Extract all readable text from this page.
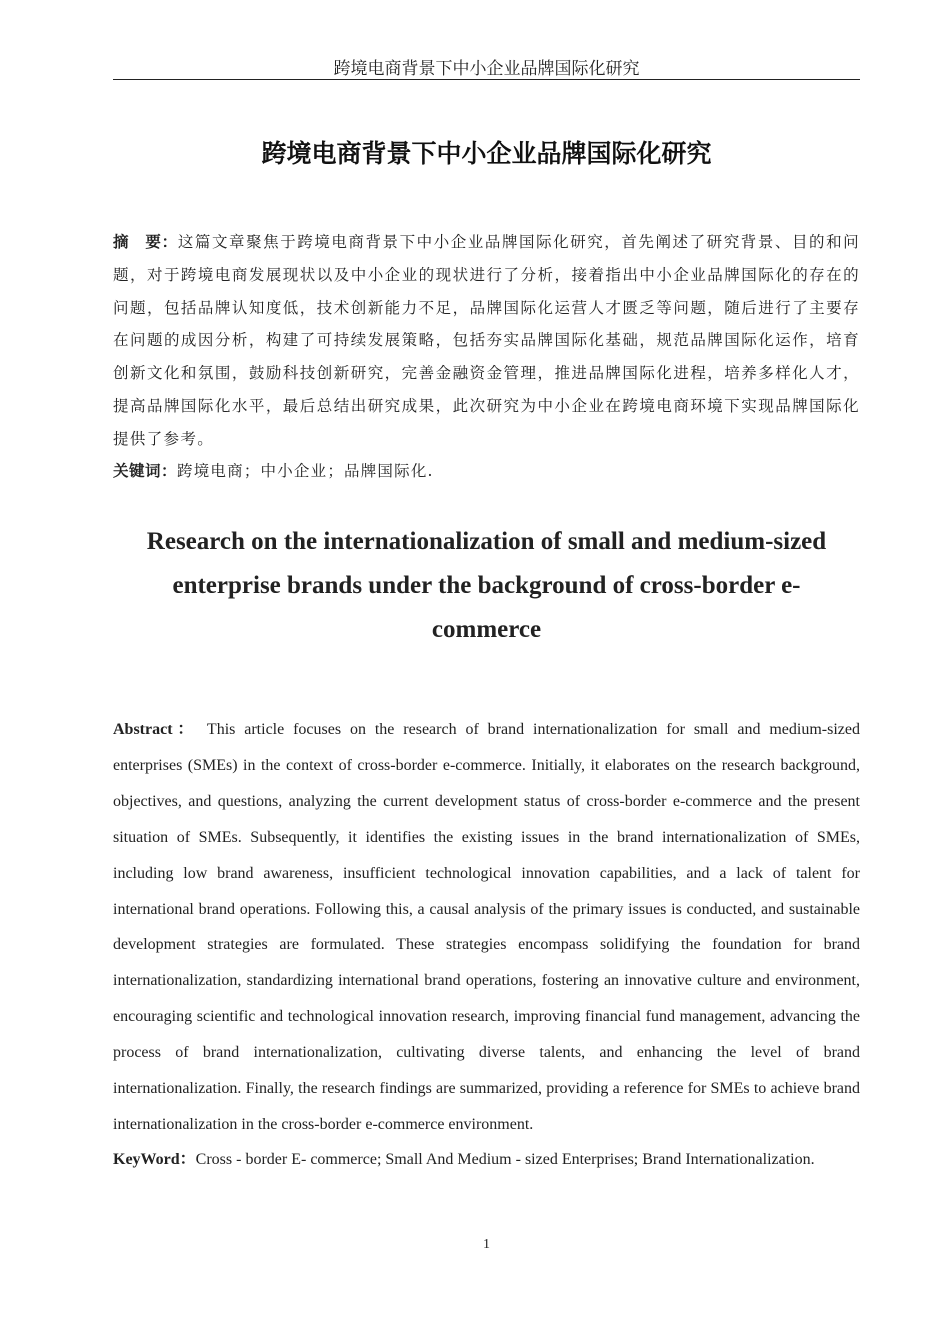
跨境电商背景下中小企业品牌国际化研究
跨境电商背景下中小企业品牌国际化研究
摘　要：这篇文章聚焦于跨境电商背景下中小企业品牌国际化研究，首先阐述了研究背景、目的和问题，对于跨境电商发展现状以及中小企业的现状进行了分析，接着指出中小企业品牌国际化的存在的问题，包括品牌认知度低，技术创新能力不足，品牌国际化运营人才匮乏等问题，随后进行了主要存在问题的成因分析，构建了可持续发展策略，包括夯实品牌国际化基础，规范品牌国际化运作，培育创新文化和氛围，鼓励科技创新研究，完善金融资金管理，推进品牌国际化进程，培养多样化人才，提高品牌国际化水平，最后总结出研究成果，此次研究为中小企业在跨境电商环境下实现品牌国际化提供了参考。
关键词：跨境电商；中小企业；品牌国际化.
Research on the internationalization of small and medium-sized enterprise brands under the background of cross-border e-commerce
Abstract： This article focuses on the research of brand internationalization for small and medium-sized enterprises (SMEs) in the context of cross-border e-commerce. Initially, it elaborates on the research background, objectives, and questions, analyzing the current development status of cross-border e-commerce and the present situation of SMEs. Subsequently, it identifies the existing issues in the brand internationalization of SMEs, including low brand awareness, insufficient technological innovation capabilities, and a lack of talent for international brand operations. Following this, a causal analysis of the primary issues is conducted, and sustainable development strategies are formulated. These strategies encompass solidifying the foundation for brand internationalization, standardizing international brand operations, fostering an innovative culture and environment, encouraging scientific and technological innovation research, improving financial fund management, advancing the process of brand internationalization, cultivating diverse talents, and enhancing the level of brand internationalization. Finally, the research findings are summarized, providing a reference for SMEs to achieve brand internationalization in the cross-border e-commerce environment.
KeyWord：Cross - border E- commerce; Small And Medium - sized Enterprises; Brand Internationalization.
1
